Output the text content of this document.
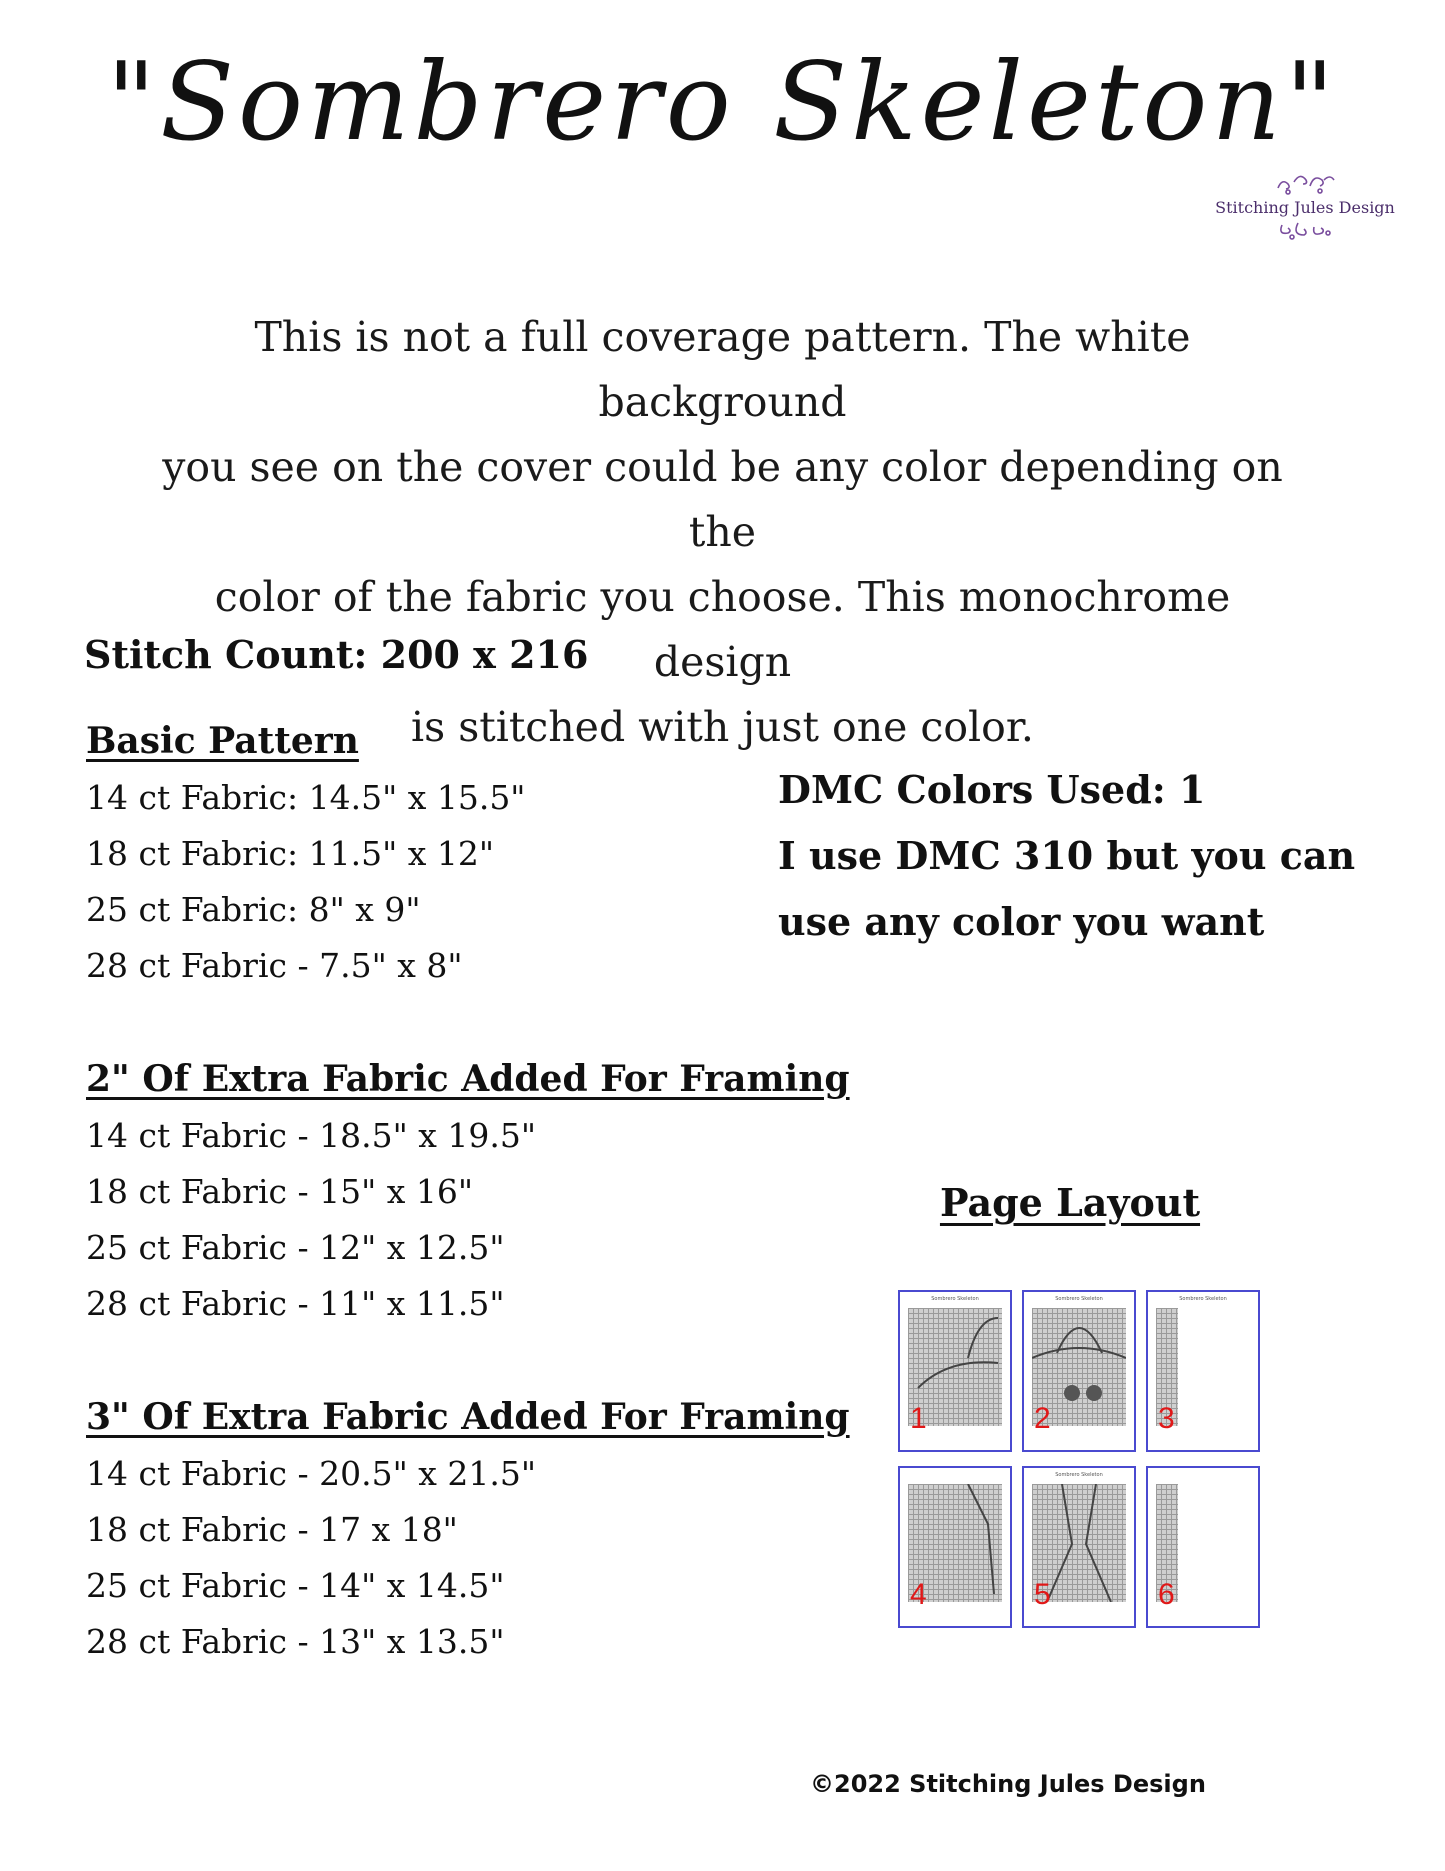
"Sombrero Skeleton"
Stitching Jules Design
This is not a full coverage pattern. The white background
you see on the cover could be any color depending on the
color of the fabric you choose. This monochrome design
is stitched with just one color.
Stitch Count: 200 x 216
Basic Pattern
14 ct Fabric: 14.5" x 15.5"
18 ct Fabric: 11.5" x 12"
25 ct Fabric: 8" x 9"
28 ct Fabric - 7.5" x 8"
2" Of Extra Fabric Added For Framing
14 ct Fabric - 18.5" x 19.5"
18 ct Fabric - 15" x 16"
25 ct Fabric - 12" x 12.5"
28 ct Fabric - 11" x 11.5"
3" Of Extra Fabric Added For Framing
14 ct Fabric - 20.5" x 21.5"
18 ct Fabric - 17 x 18"
25 ct Fabric - 14" x 14.5"
28 ct Fabric - 13" x 13.5"
DMC Colors Used: 1
I use DMC 310 but you can
use any color you want
Page Layout
Sombrero Skeleton
1
Sombrero Skeleton
2
Sombrero Skeleton
3
4
Sombrero Skeleton
5	6
©2022 Stitching Jules Design
